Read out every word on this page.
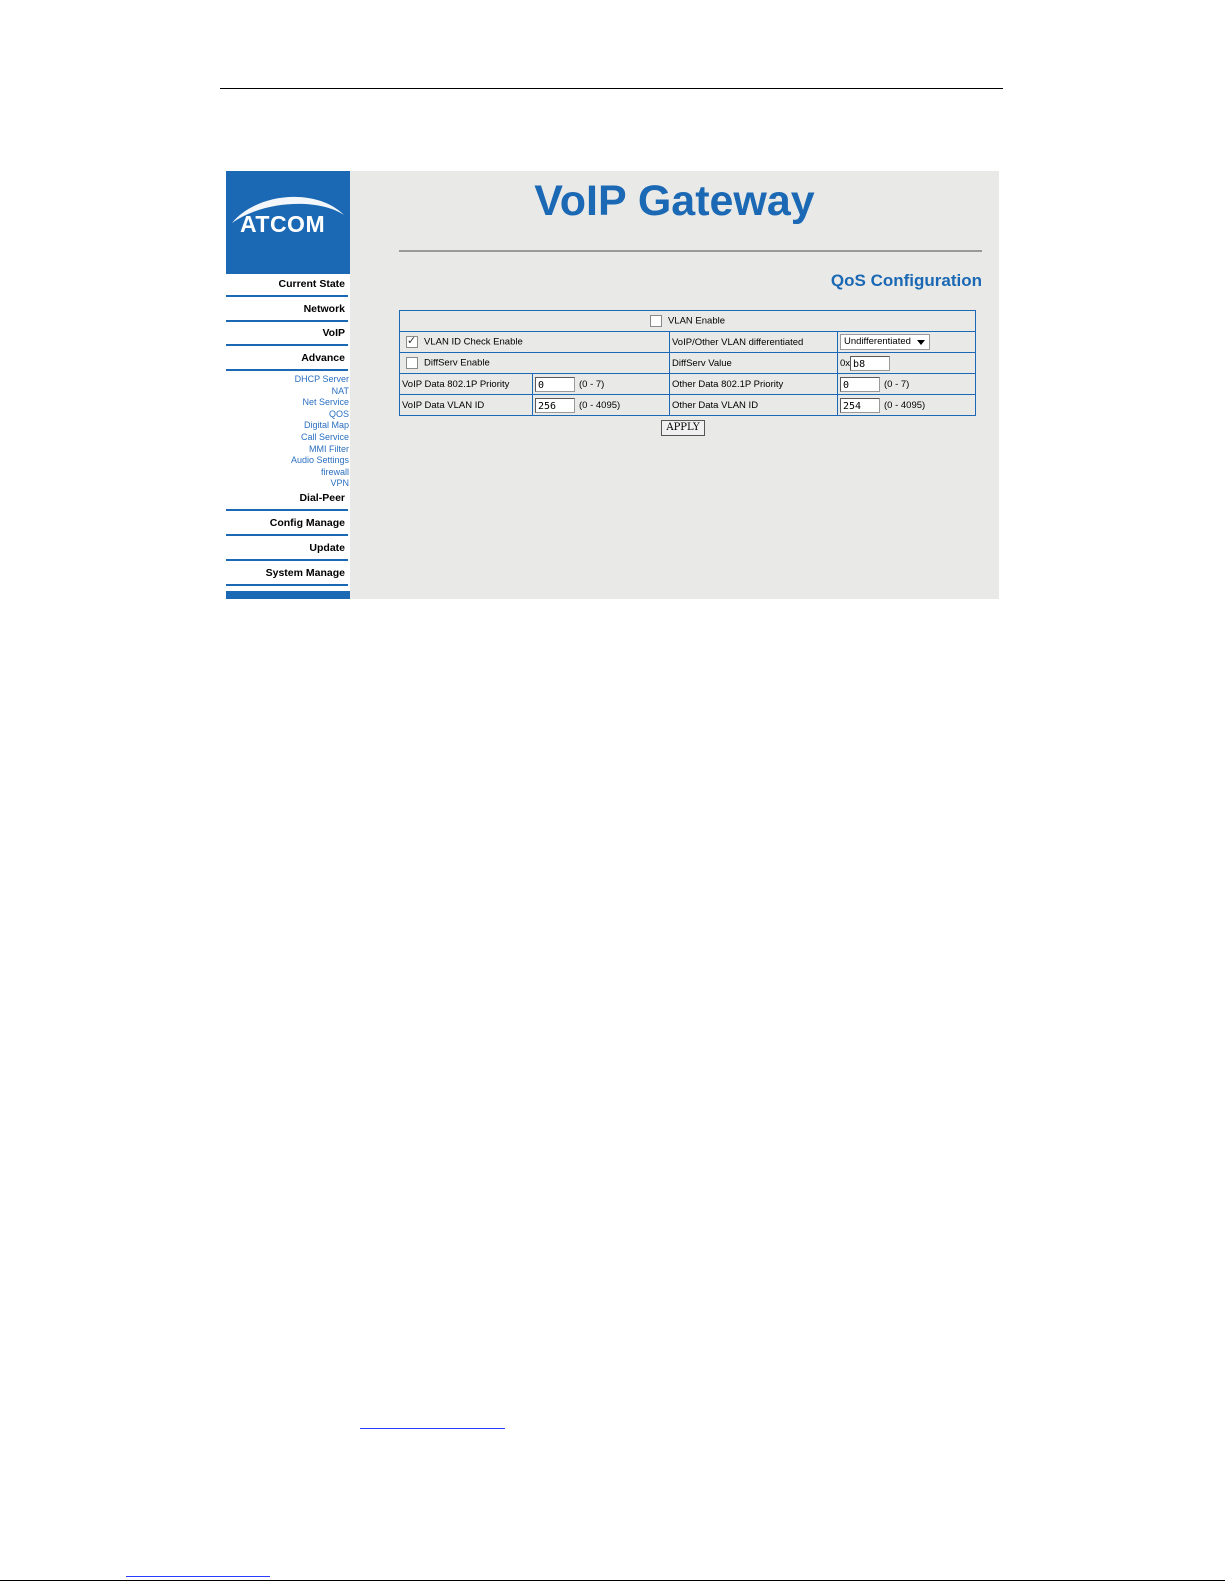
ATCOM
Current State
Network
VoIP
Advance
DHCP Server
NAT
Net Service
QOS
Digital Map
Call Service
MMI Filter
Audio Settings
firewall
VPN
Dial-Peer
Config Manage
Update
System Manage
VoIP Gateway
QoS Configuration
VLAN Enable			
✓VLAN ID Check Enable		VoIP/Other VLAN differentiated	Undifferentiated

DiffServ Enable		DiffServ Value	0x b8
VoIP Data 802.1P Priority	0 (0 - 7)	Other Data 802.1P Priority	0 (0 - 7)
VoIP Data VLAN ID	256 (0 - 4095)	Other Data VLAN ID	254 (0 - 4095)
APPLY
